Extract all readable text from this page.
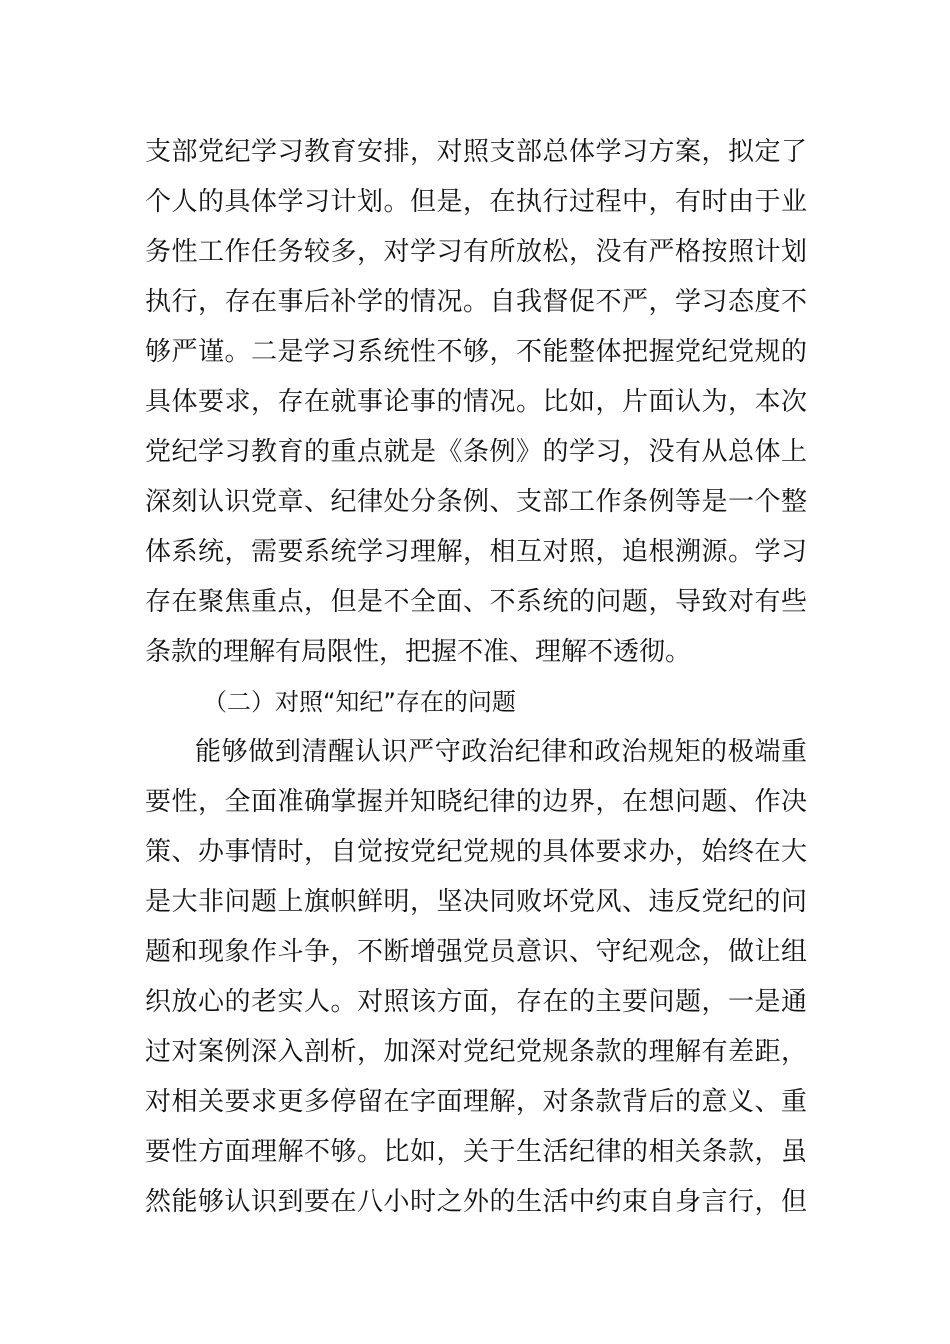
支部党纪学习教育安排，对照支部总体学习方案，拟定了
个人的具体学习计划。但是，在执行过程中，有时由于业
务性工作任务较多，对学习有所放松，没有严格按照计划
执行，存在事后补学的情况。自我督促不严，学习态度不
够严谨。二是学习系统性不够，不能整体把握党纪党规的
具体要求，存在就事论事的情况。比如，片面认为，本次
党纪学习教育的重点就是《条例》的学习，没有从总体上
深刻认识党章、纪律处分条例、支部工作条例等是一个整
体系统，需要系统学习理解，相互对照，追根溯源。学习
存在聚焦重点，但是不全面、不系统的问题，导致对有些
条款的理解有局限性，把握不准、理解不透彻。
（二）对照“知纪”存在的问题
能够做到清醒认识严守政治纪律和政治规矩的极端重
要性，全面准确掌握并知晓纪律的边界，在想问题、作决
策、办事情时，自觉按党纪党规的具体要求办，始终在大
是大非问题上旗帜鲜明，坚决同败坏党风、违反党纪的问
题和现象作斗争，不断增强党员意识、守纪观念，做让组
织放心的老实人。对照该方面，存在的主要问题，一是通
过对案例深入剖析，加深对党纪党规条款的理解有差距，
对相关要求更多停留在字面理解，对条款背后的意义、重
要性方面理解不够。比如，关于生活纪律的相关条款，虽
然能够认识到要在八小时之外的生活中约束自身言行，但
